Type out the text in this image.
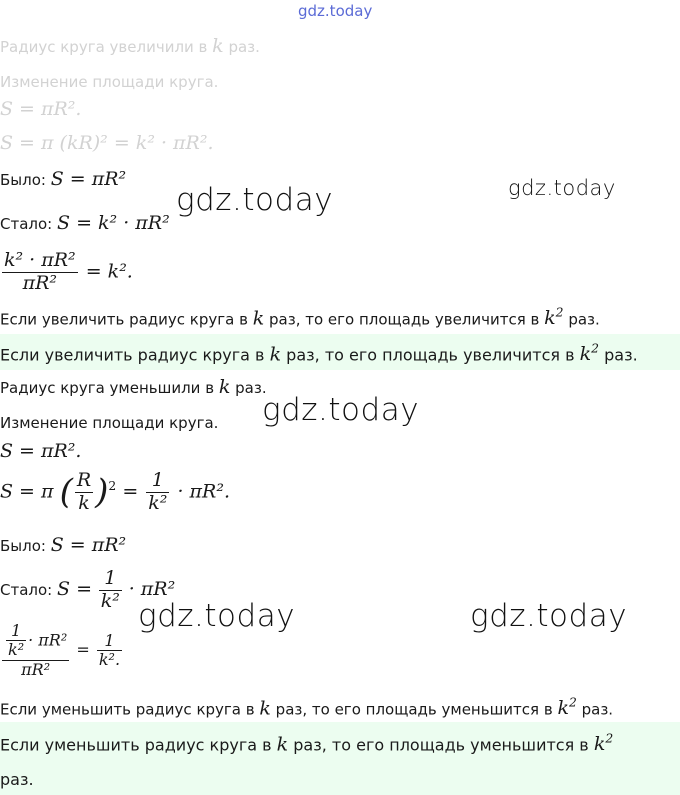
gdz.today
Радиус круга увеличили в k раз.
Изменение площади круга.
S = πR².
S = π (kR)² = k² · πR².
Было: S = πR²	gdz.today
gdz.today
Стало: S = k² · πR²
$\frac{\text{k² · πR²}}{\text{πR²}} = k^2$.
Если увеличить радиус круга в k раз, то его площадь увеличится в $k^2$ раз.
Если увеличить радиус круга в k раз, то его площадь увеличится в $k^2$ раз.
Радиус круга уменьшили в k раз.
gdz.today
Изменение площади круга.
S = πR².
S = π ( $\frac{R}{k} )^2 = \frac{1}{\text{k²}} \cdot \pi R^2$.
Было: S = πR²
Стало: $S = \frac{1}{\text{k²}} \cdot \pi R^2$
gdz.today	gdz.today
$\frac{\frac{1}{\text{k²}} \cdot \pi R^2}{\text{πR²}} = \frac{1}{\text{k².}}$
Если уменьшить радиус круга в k раз, то его площадь уменьшится в $k^2$ раз.
Если уменьшить радиус круга в k раз, то его площадь уменьшится в $k^2$
раз.
